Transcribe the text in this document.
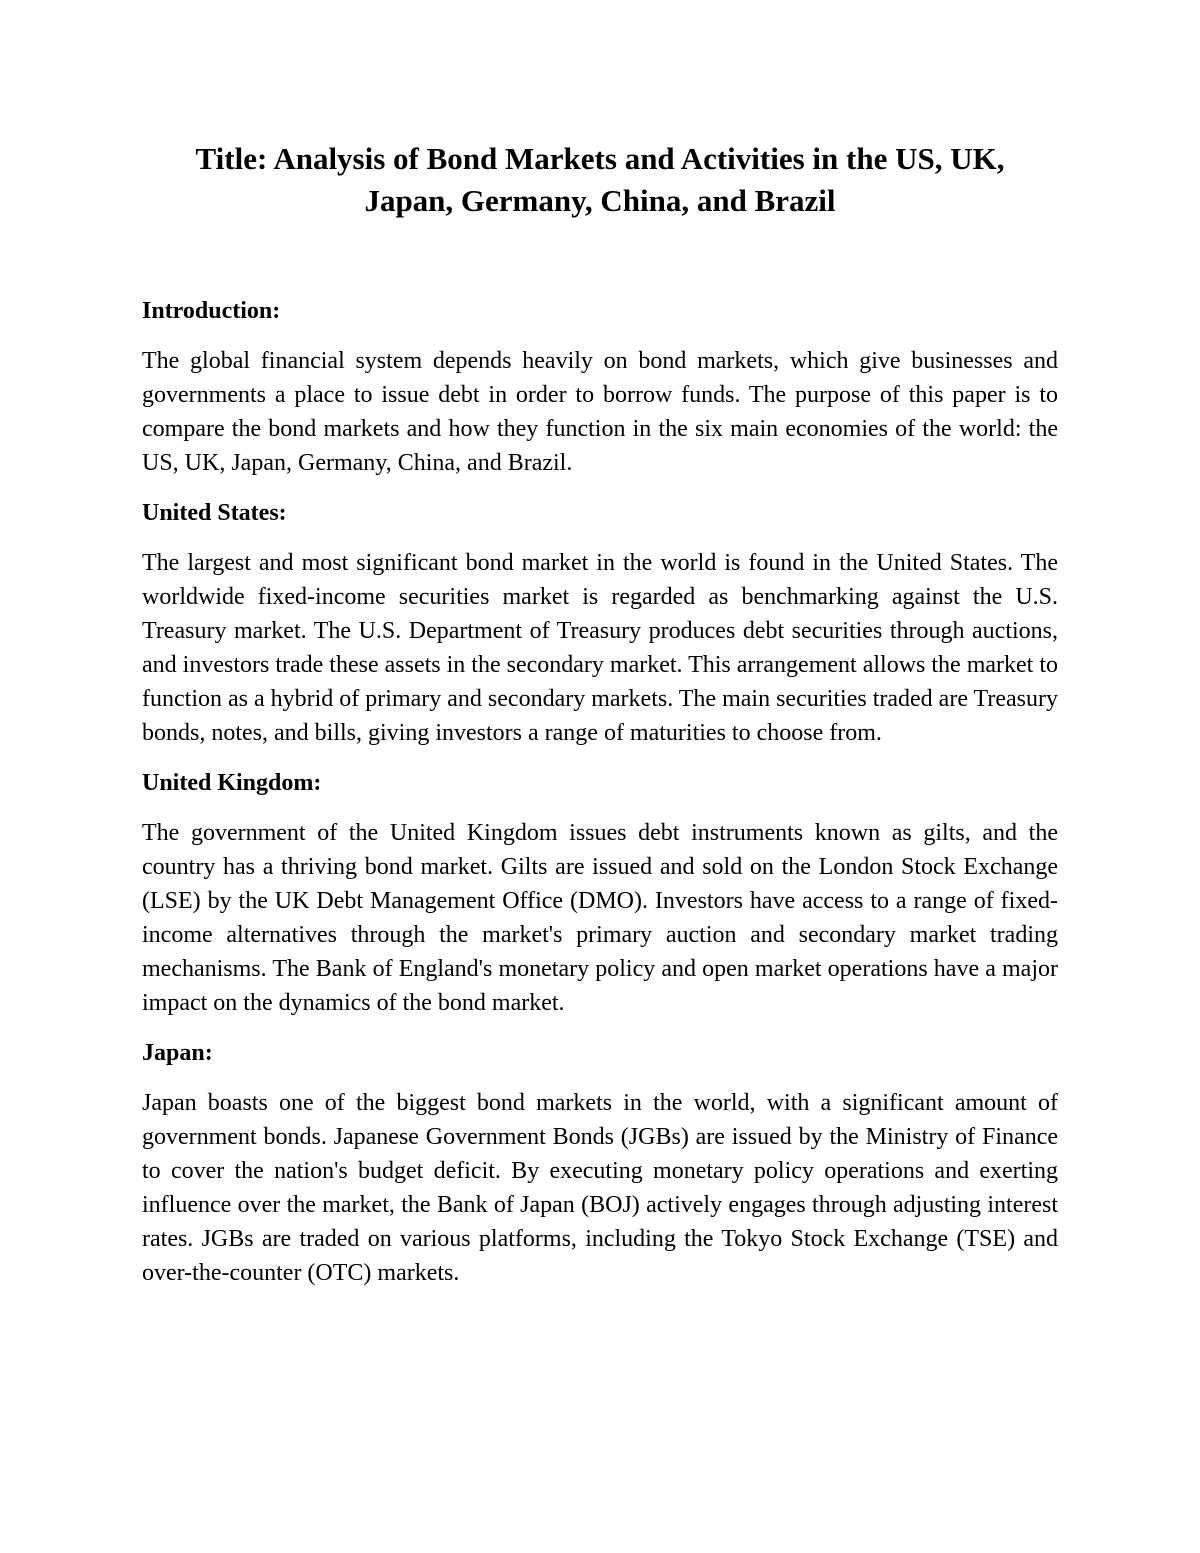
Title: Analysis of Bond Markets and Activities in the US, UK,
Japan, Germany, China, and Brazil

Introduction:

The global financial system depends heavily on bond markets, which give businesses and governments a place to issue debt in order to borrow funds. The purpose of this paper is to compare the bond markets and how they function in the six main economies of the world: the US, UK, Japan, Germany, China, and Brazil.

United States:

The largest and most significant bond market in the world is found in the United States. The worldwide fixed-income securities market is regarded as benchmarking against the U.S. Treasury market. The U.S. Department of Treasury produces debt securities through auctions, and investors trade these assets in the secondary market. This arrangement allows the market to function as a hybrid of primary and secondary markets. The main securities traded are Treasury bonds, notes, and bills, giving investors a range of maturities to choose from.

United Kingdom:

The government of the United Kingdom issues debt instruments known as gilts, and the country has a thriving bond market. Gilts are issued and sold on the London Stock Exchange (LSE) by the UK Debt Management Office (DMO). Investors have access to a range of fixed-income alternatives through the market's primary auction and secondary market trading mechanisms. The Bank of England's monetary policy and open market operations have a major impact on the dynamics of the bond market.

Japan:

Japan boasts one of the biggest bond markets in the world, with a significant amount of government bonds. Japanese Government Bonds (JGBs) are issued by the Ministry of Finance to cover the nation's budget deficit. By executing monetary policy operations and exerting influence over the market, the Bank of Japan (BOJ) actively engages through adjusting interest rates. JGBs are traded on various platforms, including the Tokyo Stock Exchange (TSE) and over-the-counter (OTC) markets.
